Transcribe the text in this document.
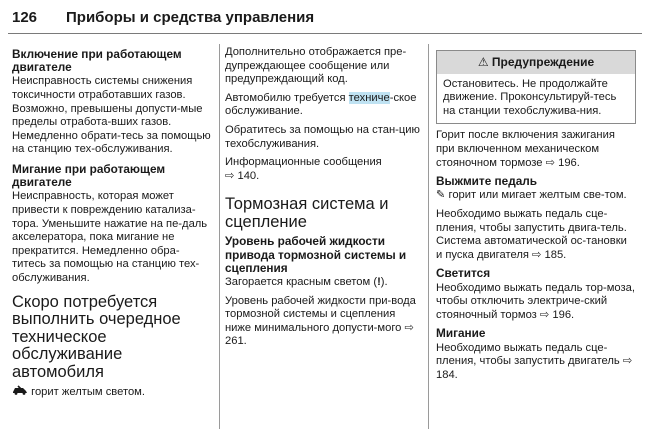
126 Приборы и средства управления
Включение при работающем двигателе

Неисправность системы снижения токсичности отработавших газов. Возможно, превышены допусти-мые пределы отработа-вших газов. Немедленно обрати-тесь за помощью на станцию тех-обслуживания.

Мигание при работающем двигателе

Неисправность, которая может привести к повреждению катализа-тора. Уменьшите нажатие на пе-даль акселератора, пока мигание не прекратится. Немедленно обра-титесь за помощью на станцию тех-обслуживания.

Скоро потребуется выполнить очередное техническое обслуживание автомобиля

горит желтым светом.

Дополнительно отображается пре-дупреждающее сообщение или предупреждающий код.

Автомобилю требуется техниче-ское обслуживание.

Обратитесь за помощью на стан-цию техобслуживания.

Информационные сообщения
⇨ 140.

Тормозная система и сцепление
Уровень рабочей жидкости привода тормозной системы и сцепления

Загорается красным светом (!).

Уровень рабочей жидкости при-вода тормозной системы и сцепления ниже минимального допусти-мого ⇨ 261.

⚠ Предупреждение
Остановитесь. Не продолжайте движение. Проконсультируй-тесь на станции техобслужива-ния.

Горит после включения зажигания при включенном механическом стояночном тормозе ⇨ 196.

Выжмите педаль

✎ горит или мигает желтым све-том.

Необходимо выжать педаль сце-пления, чтобы запустить двига-тель. Система автоматической ос-тановки и пуска двигателя ⇨ 185.

Светится

Необходимо выжать педаль тор-моза, чтобы отключить электриче-ский стояночный тормоз ⇨ 196.

Мигание

Необходимо выжать педаль сце-пления, чтобы запустить двигатель ⇨ 184.
